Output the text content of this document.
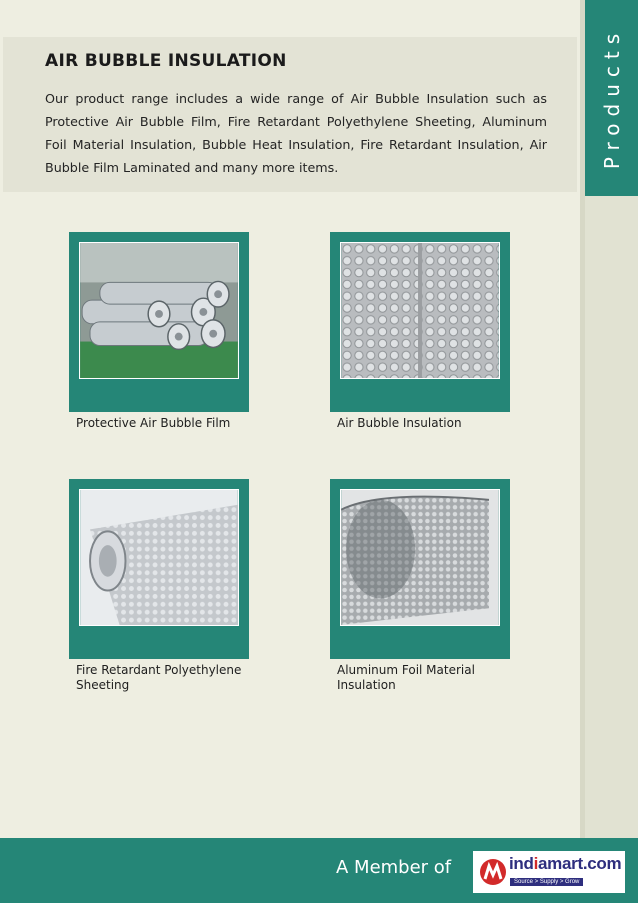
Products
AIR BUBBLE INSULATION

Our product range includes a wide range of Air Bubble Insulation such as Protective Air Bubble Film, Fire Retardant Polyethylene Sheeting, Aluminum Foil Material Insulation, Bubble Heat Insulation, Fire Retardant Insulation, Air Bubble Film Laminated and many more items.

Protective Air Bubble Film	Air Bubble Insulation

Fire Retardant Polyethylene Sheeting

Aluminum Foil Material Insulation

A Member of	indiamart.com
Source > Supply > Grow
